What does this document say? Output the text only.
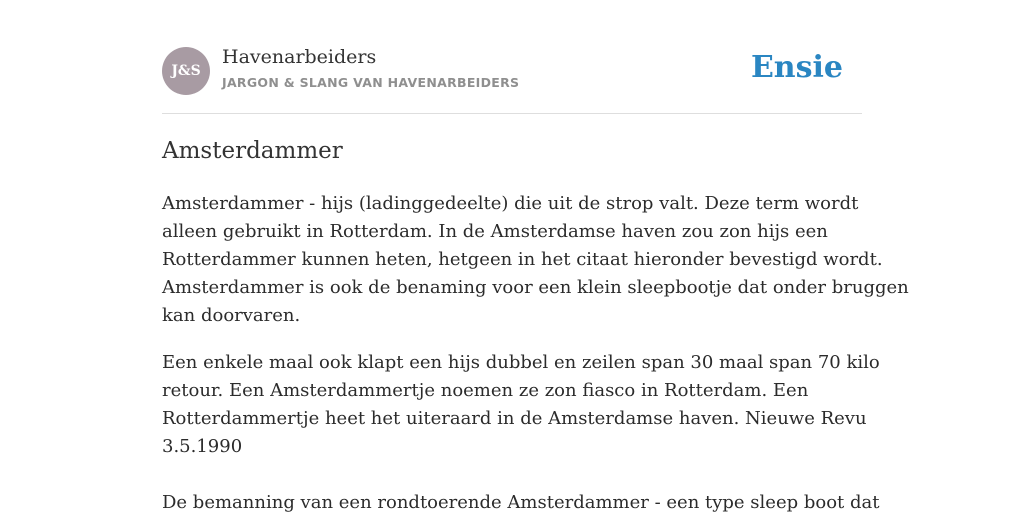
J&S
Havenarbeiders
JARGON & SLANG VAN HAVENARBEIDERS	Ensie
Amsterdammer

Amsterdammer - hijs (ladinggedeelte) die uit de strop valt. Deze term wordt
alleen gebruikt in Rotterdam. In de Amsterdamse haven zou zon hijs een
Rotterdammer kunnen heten, hetgeen in het citaat hieronder bevestigd wordt.
Amsterdammer is ook de benaming voor een klein sleepbootje dat onder bruggen
kan doorvaren.

Een enkele maal ook klapt een hijs dubbel en zeilen span 30 maal span 70 kilo
retour. Een Amsterdammertje noemen ze zon fiasco in Rotterdam. Een
Rotterdammertje heet het uiteraard in de Amsterdamse haven. Nieuwe Revu
3.5.1990

De bemanning van een rondtoerende Amsterdammer - een type sleep boot dat
